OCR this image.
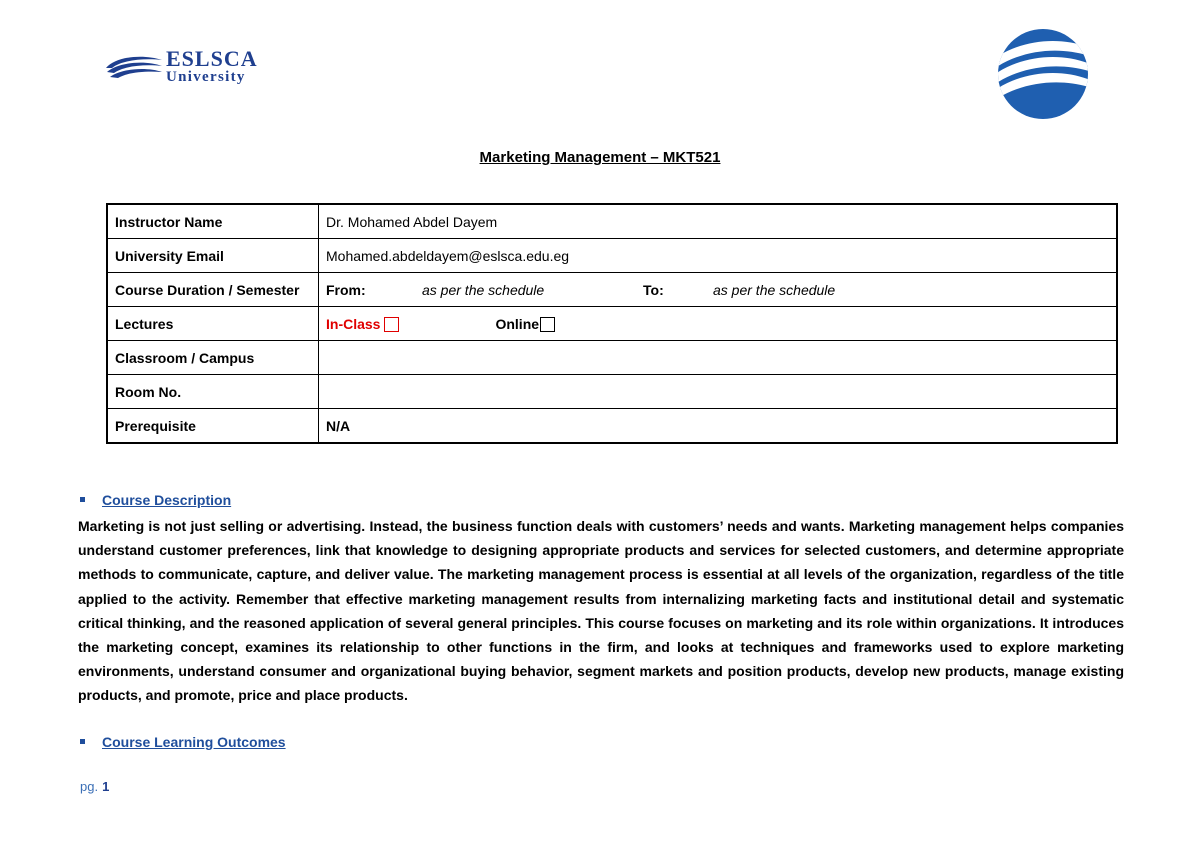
ESLSCA
University
Marketing Management – MKT521
Instructor Name	Dr. Mohamed Abdel Dayem
University Email	Mohamed.abdeldayem@eslsca.edu.eg
Course Duration / Semester	From: as per the schedule To: as per the schedule
Lectures	In-Class Online
Classroom / Campus	
Room No.	
Prerequisite	N/A
Course Description

Marketing is not just selling or advertising. Instead, the business function deals with customers’ needs and wants. Marketing management helps companies understand customer preferences, link that knowledge to designing appropriate products and services for selected customers, and determine appropriate methods to communicate, capture, and deliver value. The marketing management process is essential at all levels of the organization, regardless of the title applied to the activity. Remember that effective marketing management results from internalizing marketing facts and institutional detail and systematic critical thinking, and the reasoned application of several general principles. This course focuses on marketing and its role within organizations. It introduces the marketing concept, examines its relationship to other functions in the firm, and looks at techniques and frameworks used to explore marketing environments, understand consumer and organizational buying behavior, segment markets and position products, develop new products, manage existing products, and promote, price and place products.

Course Learning Outcomes
pg. 1
